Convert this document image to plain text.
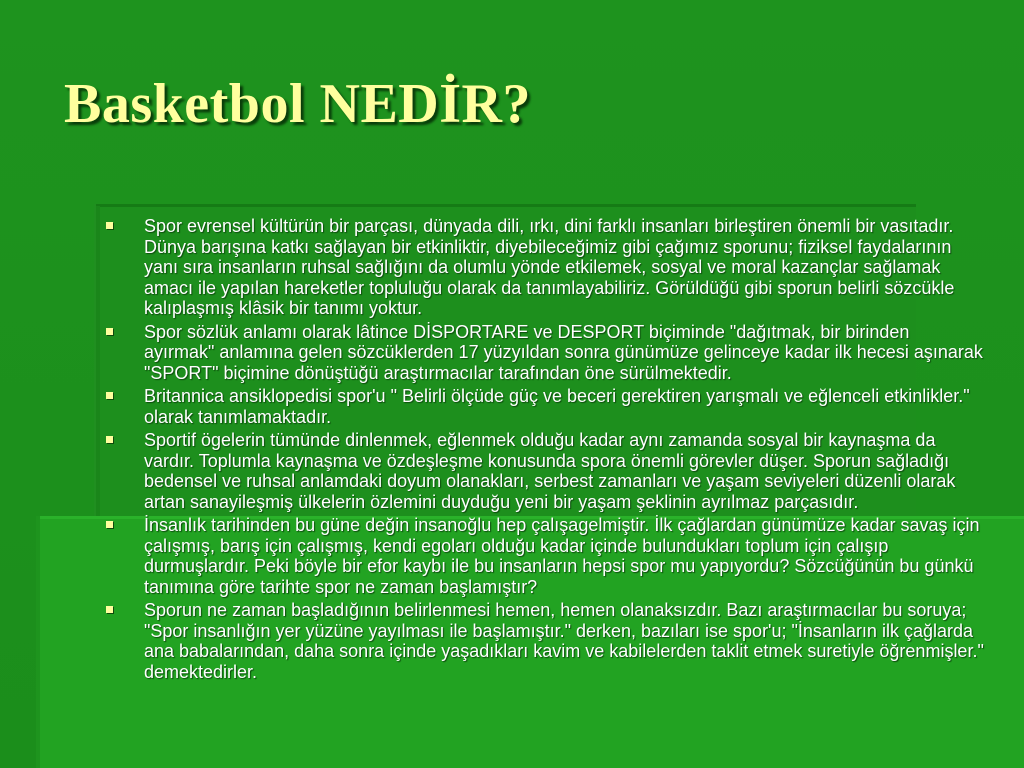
Basketbol NEDİR?
Spor evrensel kültürün bir parçası, dünyada dili, ırkı, dini farklı insanları birleştiren önemli bir vasıtadır. Dünya barışına katkı sağlayan bir etkinliktir, diyebileceğimiz gibi çağımız sporunu; fiziksel faydalarının yanı sıra insanların ruhsal sağlığını da olumlu yönde etkilemek, sosyal ve moral kazançlar sağlamak amacı ile yapılan hareketler topluluğu olarak da tanımlayabiliriz. Görüldüğü gibi sporun belirli sözcükle kalıplaşmış klâsik bir tanımı yoktur.
Spor sözlük anlamı olarak lâtince DİSPORTARE ve DESPORT biçiminde "dağıtmak, bir birinden ayırmak" anlamına gelen sözcüklerden 17 yüzyıldan sonra günümüze gelinceye kadar ilk hecesi aşınarak "SPORT" biçimine dönüştüğü araştırmacılar tarafından öne sürülmektedir.
Britannica ansiklopedisi spor'u " Belirli ölçüde güç ve beceri gerektiren yarışmalı ve eğlenceli etkinlikler." olarak tanımlamaktadır.
Sportif ögelerin tümünde dinlenmek, eğlenmek olduğu kadar aynı zamanda sosyal bir kaynaşma da vardır. Toplumla kaynaşma ve özdeşleşme konusunda spora önemli görevler düşer. Sporun sağladığı bedensel ve ruhsal anlamdaki doyum olanakları, serbest zamanları ve yaşam seviyeleri düzenli olarak artan sanayileşmiş ülkelerin özlemini duyduğu yeni bir yaşam şeklinin ayrılmaz parçasıdır.
İnsanlık tarihinden bu güne değin insanoğlu hep çalışagelmiştir. İlk çağlardan günümüze kadar savaş için çalışmış, barış için çalışmış, kendi egoları olduğu kadar içinde bulundukları toplum için çalışıp durmuşlardır. Peki böyle bir efor kaybı ile bu insanların hepsi spor mu yapıyordu? Sözcüğünün bu günkü tanımına göre tarihte spor ne zaman başlamıştır?
Sporun ne zaman başladığının belirlenmesi hemen, hemen olanaksızdır. Bazı araştırmacılar bu soruya; "Spor insanlığın yer yüzüne yayılması ile başlamıştır." derken, bazıları ise spor'u; "İnsanların ilk çağlarda ana babalarından, daha sonra içinde yaşadıkları kavim ve kabilelerden taklit etmek suretiyle öğrenmişler." demektedirler.
